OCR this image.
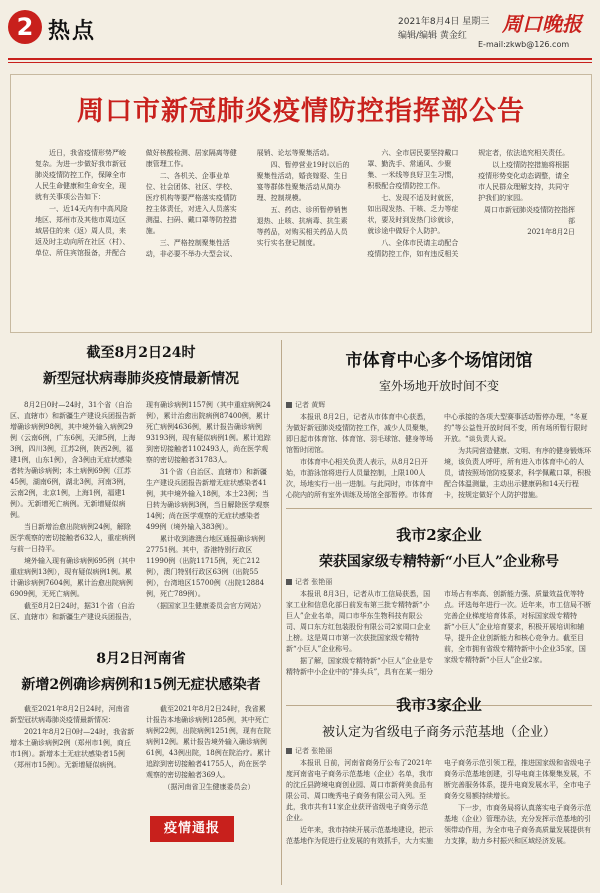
2 热点	2021年8月4日 星期三
编辑/编辑 黄金红 周口晚报
E-mail:zkwb@126.com
周口市新冠肺炎疫情防控指挥部公告

近日，我省疫情形势严峻复杂。为进一步做好我市新冠肺炎疫情防控工作，保障全市人民生命健康和生命安全，现就有关事项公告如下：

一、近14天内有中高风险地区、郑州市及其他市周边区域居住的来（返）周人员，来返及时主动向所在社区（村）、单位、所住宾馆报备，并配合做好核酸检测、居家隔离等健康管理工作。

二、各机关、企事业单位、社会团体、社区、学校、医疗机构等要严格落实疫情防控主体责任，对进入人员落实测温、扫码、戴口罩等防控措施。

三、严格控制聚集性活动，非必要不举办大型会议、展销、论坛等聚集活动。

四、暂停营业19时以后的聚集性活动，婚丧嫁娶、生日宴等群体性聚集活动从简办理、控制规模。

五、药店、诊所暂停销售退热、止咳、抗病毒、抗生素等药品，对购买相关药品人员实行实名登记制度。

六、全市居民要坚持戴口罩、勤洗手、常通风、少聚集、一米线等良好卫生习惯，积极配合疫情防控工作。

七、发现不适及时就医，如出现发热、干咳、乏力等症状，要及时到发热门诊就诊，就诊途中做好个人防护。

八、全体市民请主动配合疫情防控工作，如有违反相关规定者，依法追究相关责任。

以上疫情防控措施将根据疫情形势变化动态调整，请全市人民群众理解支持，共同守护我们的家园。

周口市新冠肺炎疫情防控指挥部
2021年8月2日
截至8月2日24时
新型冠状病毒肺炎疫情最新情况

8月2日0时—24时，31个省（自治区、直辖市）和新疆生产建设兵团报告新增确诊病例98例，其中境外输入病例29例（云南6例，广东6例，天津5例，上海3例，四川3例，江苏2例，陕西2例，福建1例，山东1例），含3例由无症状感染者转为确诊病例；本土病例69例（江苏45例，湖南6例，湖北3例，河南3例，云南2例，北京1例，上海1例，福建1例）。无新增死亡病例。无新增疑似病例。

当日新增治愈出院病例24例，解除医学观察的密切接触者632人，重症病例与前一日持平。

境外输入现有确诊病例695例（其中重症病例13例），现有疑似病例1例。累计确诊病例7604例，累计治愈出院病例6909例，无死亡病例。

截至8月2日24时，据31个省（自治区、直辖市）和新疆生产建设兵团报告，现有确诊病例1157例（其中重症病例24例），累计治愈出院病例87400例，累计死亡病例4636例，累计报告确诊病例93193例，现有疑似病例1例。累计追踪到密切接触者1102493人，尚在医学观察的密切接触者31783人。

31个省（自治区、直辖市）和新疆生产建设兵团报告新增无症状感染者41例，其中境外输入18例，本土23例；当日转为确诊病例3例，当日解除医学观察14例；尚在医学观察的无症状感染者499例（境外输入383例）。

累计收到港澳台地区通报确诊病例27751例。其中，香港特别行政区11990例（出院11715例，死亡212例），澳门特别行政区63例（出院55例），台湾地区15700例（出院12884例，死亡789例）。

（据国家卫生健康委员会官方网站）
8月2日河南省
新增2例确诊病例和15例无症状感染者

截至2021年8月2日24时，河南省新型冠状病毒肺炎疫情最新情况：

2021年8月2日0时—24时，我省新增本土确诊病例2例（郑州市1例，商丘市1例）。新增本土无症状感染者15例（郑州市15例）。无新增疑似病例。

截至2021年8月2日24时，我省累计报告本地确诊病例1285例，其中死亡病例22例，出院病例1251例，现有在院病例12例。累计报告境外输入确诊病例61例，43例出院，18例在院治疗。累计追踪到密切接触者41755人，尚在医学观察的密切接触者369人。

（据河南省卫生健康委员会）
疫情通报
市体育中心多个场馆闭馆
室外场地开放时间不变
记者 黄辉

本报讯 8月2日，记者从市体育中心获悉，为做好新冠肺炎疫情防控工作，减少人员聚集，即日起市体育馆、体育馆、羽毛球馆、健身等场馆暂时闭馆。

市体育中心相关负责人表示，从8月2日开始，市游泳馆将进行人员量控制，上限100人次，场地实行一出一进制。与此同时，市体育中心院内的所有室外训练及场馆全部暂停。市体育中心承接的各项大型赛事活动暂停办理，“冬夏约”等公益性开放时间不变，所有场所暂行限时开放。“谈负责人说。

为共同营造健康、文明、有序的健身锻炼环境，该负责人呼吁，所有进入市体育中心的人员，请按照场馆防疫要求，科学佩戴口罩，积极配合体温测量，主动出示健康码和14天行程卡，按规定做好个人防护措施。

我市2家企业
荣获国家级专精特新“小巨人”企业称号
记者 张艳丽

本报讯 8月3日，记者从市工信局获悉，国家工业和信息化部日前发布第三批专精特新“小巨人”企业名单，周口市华东生物科技有限公司、周口东方红包装股份有限公司2家周口企业上榜。这是周口市第一次获批国家级专精特新“小巨人”企业称号。

据了解，国家级专精特新“小巨人”企业是专精特新中小企业中的“排头兵”，具有在某一细分市场占有率高、创新能力强、质量效益优等特点。评选每年进行一次。近年来，市工信局不断完善企业梯度培育体系，对标国家级专精特新“小巨人”企业培育要求，积极开展培训和辅导，提升企业创新能力和核心竞争力。截至目前，全市拥有省级专精特新中小企业35家，国家级专精特新“小巨人”企业2家。

我市3家企业
被认定为省级电子商务示范基地（企业）
记者 张艳丽

本报讯 日前，河南省商务厅公布了2021年度河南省电子商务示范基地（企业）名单，我市的沈丘县跨境电商创业园、周口市新荷美食品有限公司、周口晚秀电子商务有限公司入列。至此，我市共有11家企业获评省级电子商务示范企业。

近年来，我市持续开展示范基地建设，把示范基地作为促进行业发展的有效抓手，大力实施电子商务示范引领工程，推进国家级和省级电子商务示范基地创建，引导电商主体聚集发展，不断完善服务体系，提升电商发展水平，全市电子商务交易额持续增长。

下一步，市商务局将认真落实电子商务示范基地（企业）管理办法，充分发挥示范基地的引领带动作用，为全市电子商务高质量发展提供有力支撑，助力乡村振兴和区域经济发展。
